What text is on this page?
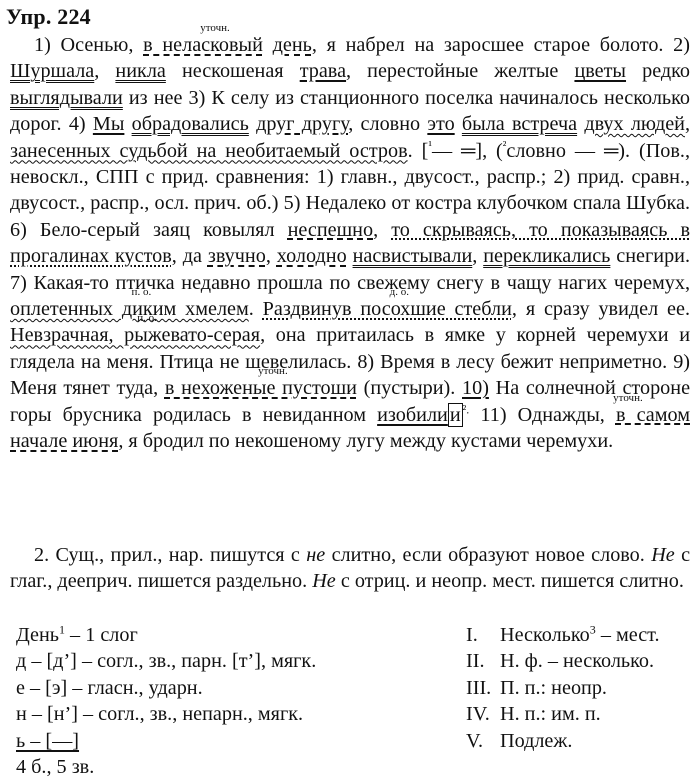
Упр. 224
1) Осенью, уточн. в неласковый день, я набрел на заросшее старое болото. 2) Шуршала, никла нескошеная трава, перестойные желтые цветы редко выглядывали из нее 3) К селу из станционного поселка начиналось несколько дорог. 4) Мы обрадовались друг другу, словно это была встреча двух людей, занесенных судьбой на необитаемый остров. [$^{^1}$— ═], ($^{^2}$словно — ═). (Пов., невоскл., СПП с прид. сравнения: 1) главн., двусост., распр.; 2) прид. сравн., двусост., распр., осл. прич. об.) 5) Недалеко от костра клубочком спала Шубка. 6) Бело-серый заяц ковылял неспешно, то скрываясь, то показываясь в прогалинах кустов, да звучно, холодно насвистывали, перекликались снегири. 7) Какая-то птичка недавно прошла по свежему снегу в чащу нагих черемух, п. о. оплетенных диким хмелем. д. о. Раздвинув посохшие стебли, я сразу увидел ее. п. о. Невзрачная, рыжевато-серая, она притаилась в ямке у корней черемухи и глядела на меня. Птица не шевелилась. 8) Время в лесу бежит неприметно. 9) Меня тянет туда, уточн. в нехоженые пустоши (пустыри). 10) На солнечной стороне горы брусника родилась в невиданном изобилии $^{^2.}$ 11) Однажды, уточн. в самом начале июня, я бродил по некошеному лугу между кустами черемухи.
2. Сущ., прил., нар. пишутся с не слитно, если образуют новое слово. Не с глаг., дееприч. пишется раздельно. Не с отриц. и неопр. мест. пишется слитно.
День$^1$ – 1 слог
д – [д’] – согл., зв., парн. [т’], мягк.
е – [э] – гласн., ударн.
н – [н’] – согл., зв., непарн., мягк.
ь – [—]
4 б., 5 зв.
I. Несколько$^3$ – мест.
II. Н. ф. – несколько.
III. П. п.: неопр.
IV. Н. п.: им. п.
V. Подлеж.
